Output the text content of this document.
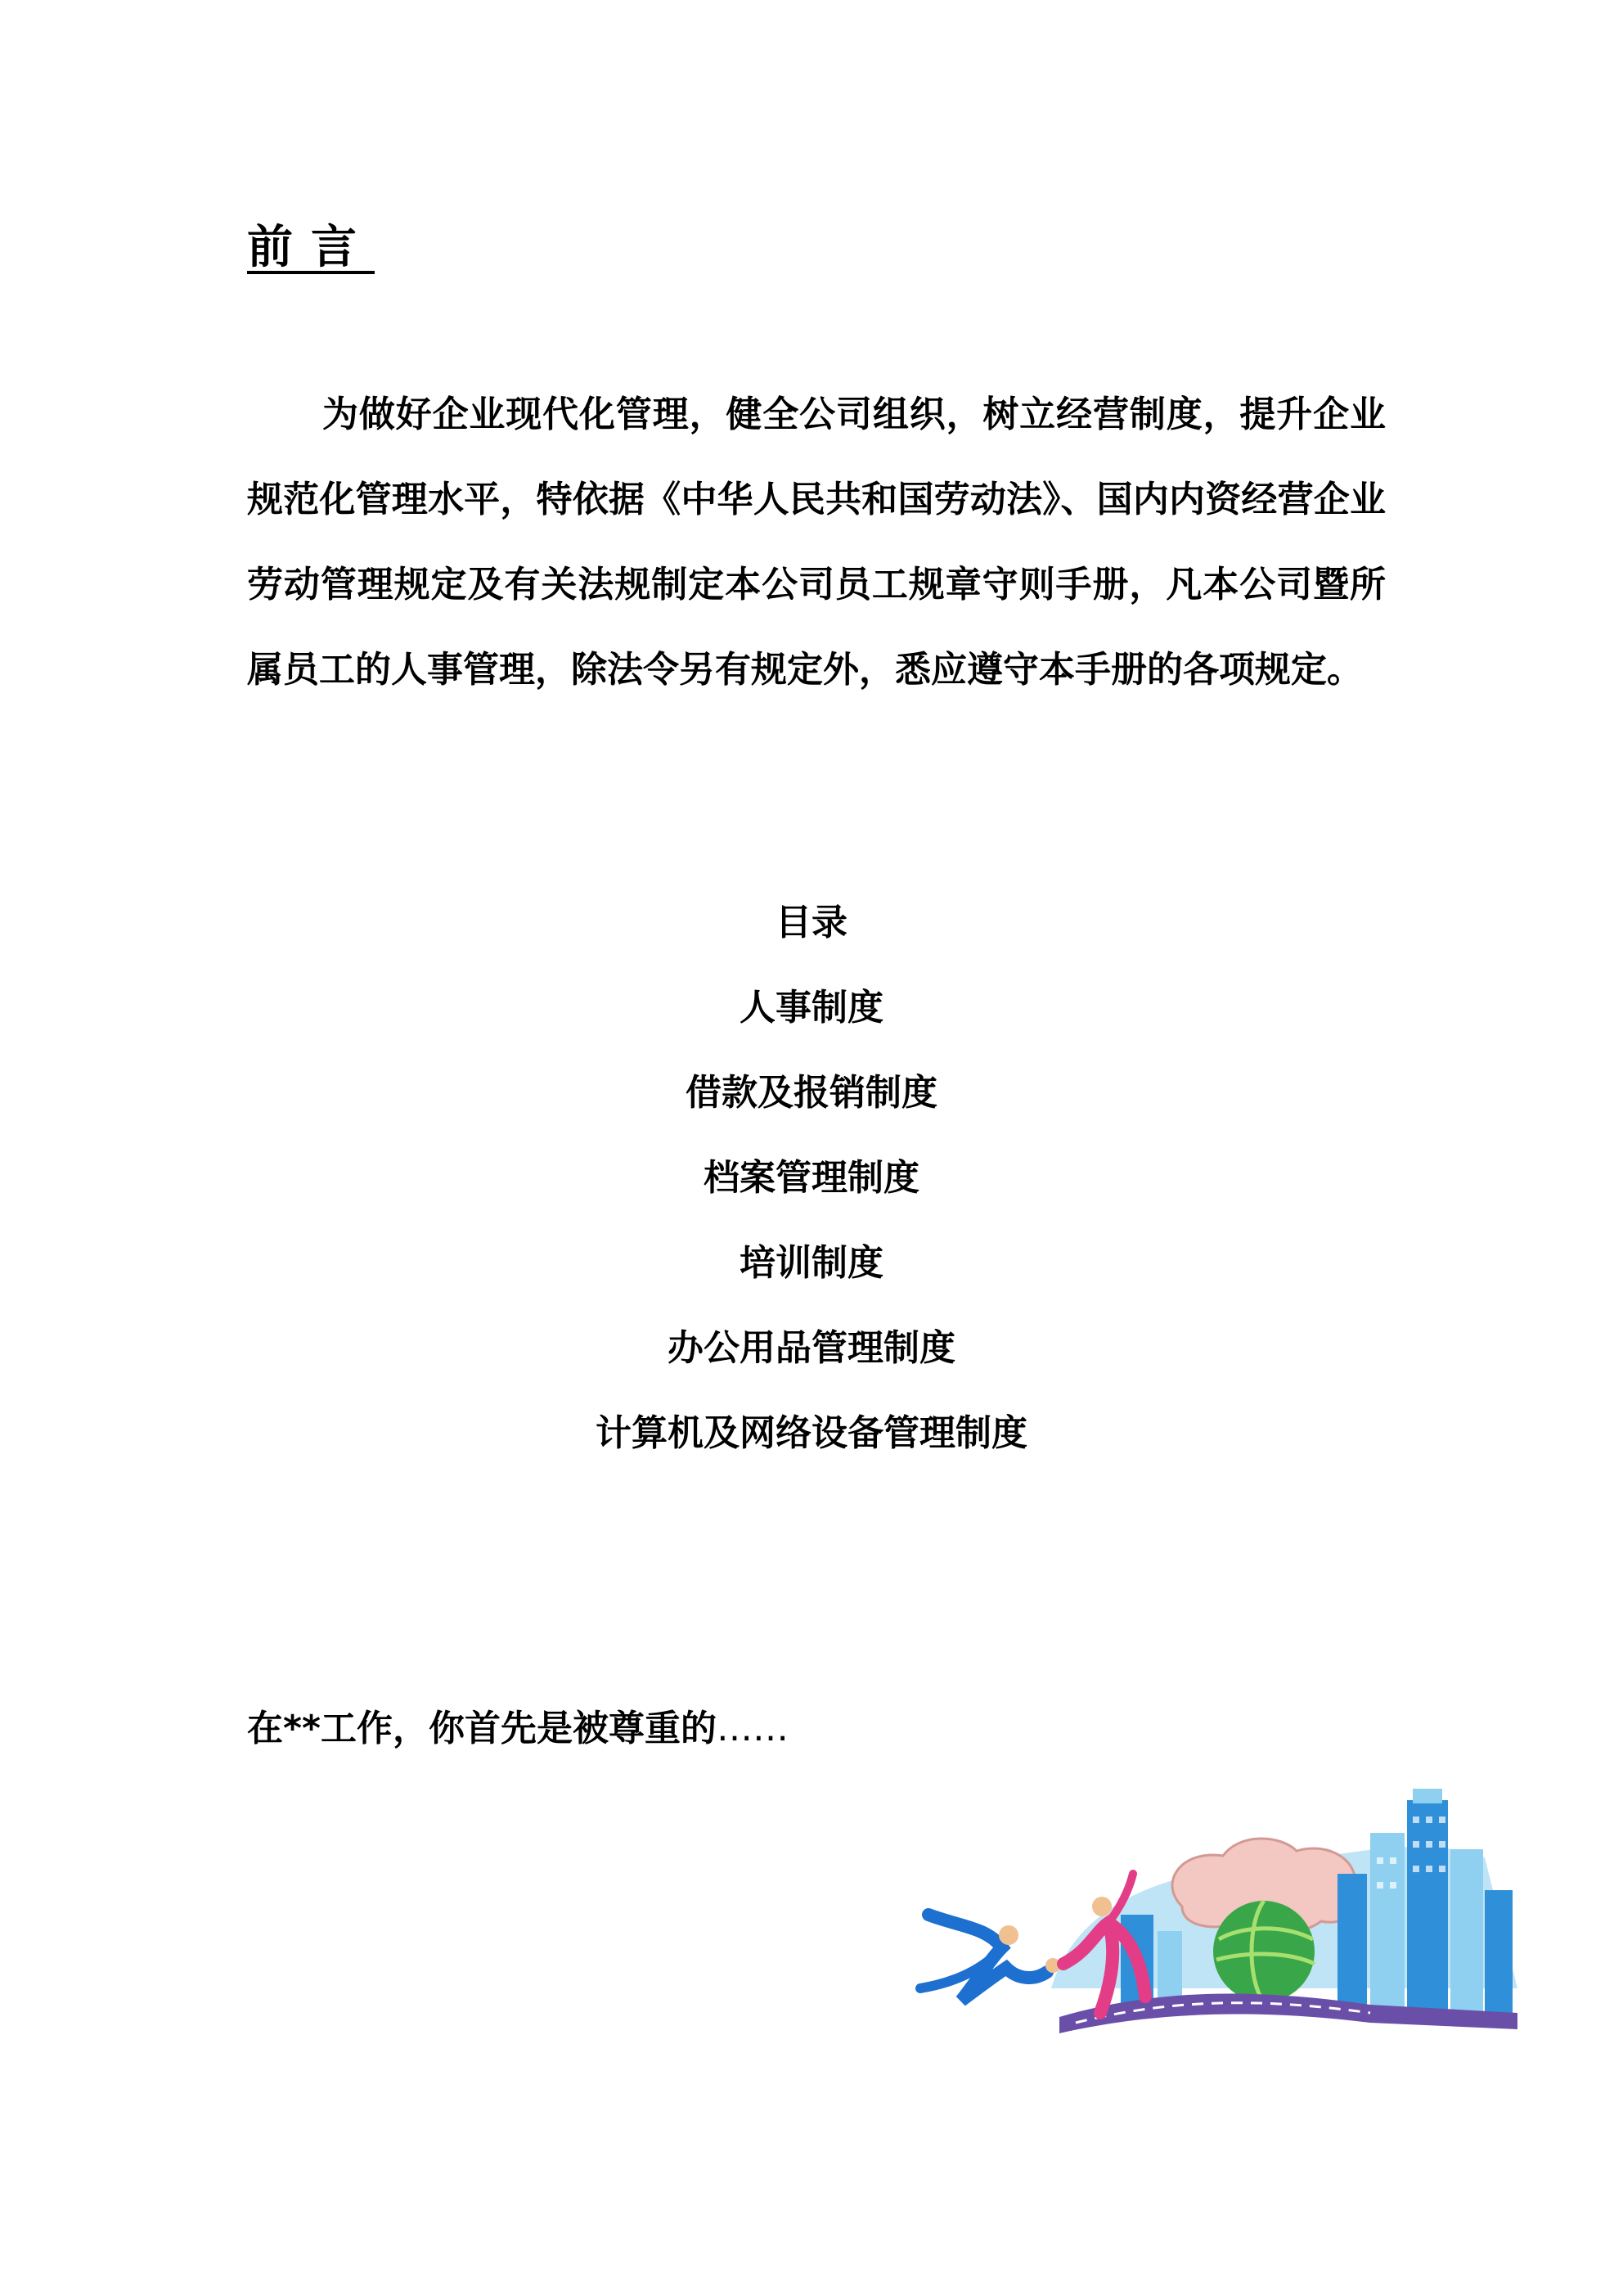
前言

为做好企业现代化管理，健全公司组织，树立经营制度，提升企业规范化管理水平，特依据《中华人民共和国劳动法》、国内内资经营企业劳动管理规定及有关法规制定本公司员工规章守则手册，凡本公司暨所属员工的人事管理，除法令另有规定外，悉应遵守本手册的各项规定。

目录
人事制度
借款及报销制度
档案管理制度
培训制度
办公用品管理制度
计算机及网络设备管理制度

在**工作，你首先是被尊重的……
